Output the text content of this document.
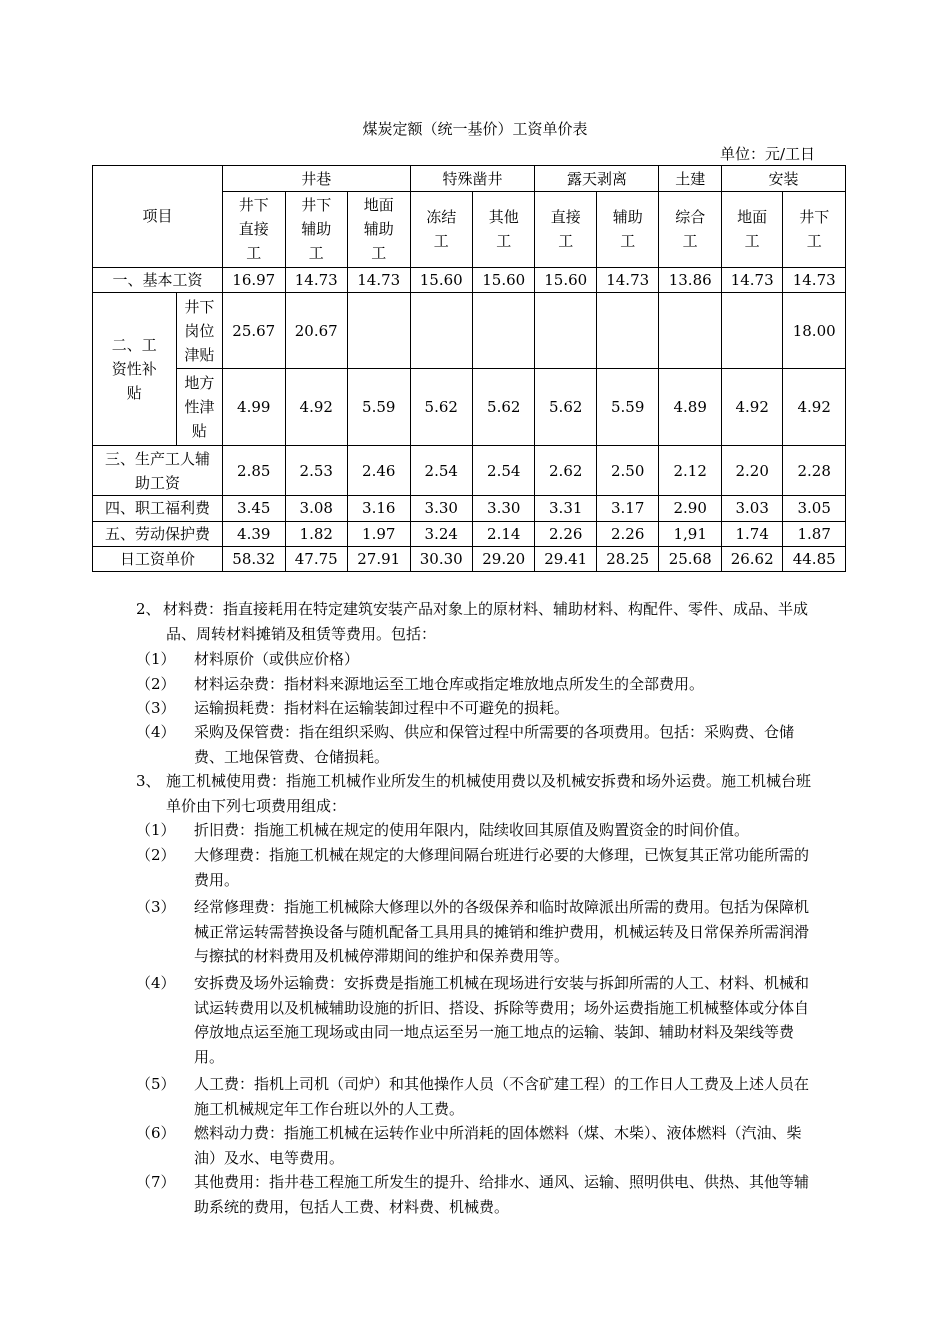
煤炭定额（统一基价）工资单价表
单位：元/工日
项目		井巷			特殊凿井		露天剥离		土建	安装	

		井下直接工	井下辅助工	地面辅助工	冻结工	其他工	直接工	辅助工	综合工	地面工	井下工

一、基本工资		16.97	14.73	14.73	15.60	15.60	15.60	14.73	13.86	14.73	14.73

二、工资性补贴	井下岗位津贴	25.67	20.67								18.00

	地方性津贴	4.99	4.92	5.59	5.62	5.62	5.62	5.59	4.89	4.92	4.92

三、生产工人辅助工资		2.85	2.53	2.46	2.54	2.54	2.62	2.50	2.12	2.20	2.28
四、职工福利费		3.45	3.08	3.16	3.30	3.30	3.31	3.17	2.90	3.03	3.05
五、劳动保护费		4.39	1.82	1.97	3.24	2.14	2.26	2.26	1,91	1.74	1.87
日工资单价		58.32	47.75	27.91	30.30	29.20	29.41	28.25	25.68	26.62	44.85
2、 材料费：指直接耗用在特定建筑安装产品对象上的原材料、辅助材料、构配件、零件、成品、半成品、周转材料摊销及租赁等费用。包括：
（1） 材料原价（或供应价格）
（2） 材料运杂费：指材料来源地运至工地仓库或指定堆放地点所发生的全部费用。
（3） 运输损耗费：指材料在运输装卸过程中不可避免的损耗。
（4） 采购及保管费：指在组织采购、供应和保管过程中所需要的各项费用。包括：采购费、仓储费、工地保管费、仓储损耗。
3、 施工机械使用费：指施工机械作业所发生的机械使用费以及机械安拆费和场外运费。施工机械台班单价由下列七项费用组成：
（1） 折旧费：指施工机械在规定的使用年限内，陆续收回其原值及购置资金的时间价值。
（2） 大修理费：指施工机械在规定的大修理间隔台班进行必要的大修理，已恢复其正常功能所需的费用。
（3） 经常修理费：指施工机械除大修理以外的各级保养和临时故障派出所需的费用。包括为保障机械正常运转需替换设备与随机配备工具用具的摊销和维护费用，机械运转及日常保养所需润滑与擦拭的材料费用及机械停滞期间的维护和保养费用等。
（4） 安拆费及场外运输费：安拆费是指施工机械在现场进行安装与拆卸所需的人工、材料、机械和试运转费用以及机械辅助设施的折旧、搭设、拆除等费用；场外运费指施工机械整体或分体自停放地点运至施工现场或由同一地点运至另一施工地点的运输、装卸、辅助材料及架线等费用。
（5） 人工费：指机上司机（司炉）和其他操作人员（不含矿建工程）的工作日人工费及上述人员在施工机械规定年工作台班以外的人工费。
（6） 燃料动力费：指施工机械在运转作业中所消耗的固体燃料（煤、木柴）、液体燃料（汽油、柴油）及水、电等费用。
（7） 其他费用：指井巷工程施工所发生的提升、给排水、通风、运输、照明供电、供热、其他等辅助系统的费用，包括人工费、材料费、机械费。
